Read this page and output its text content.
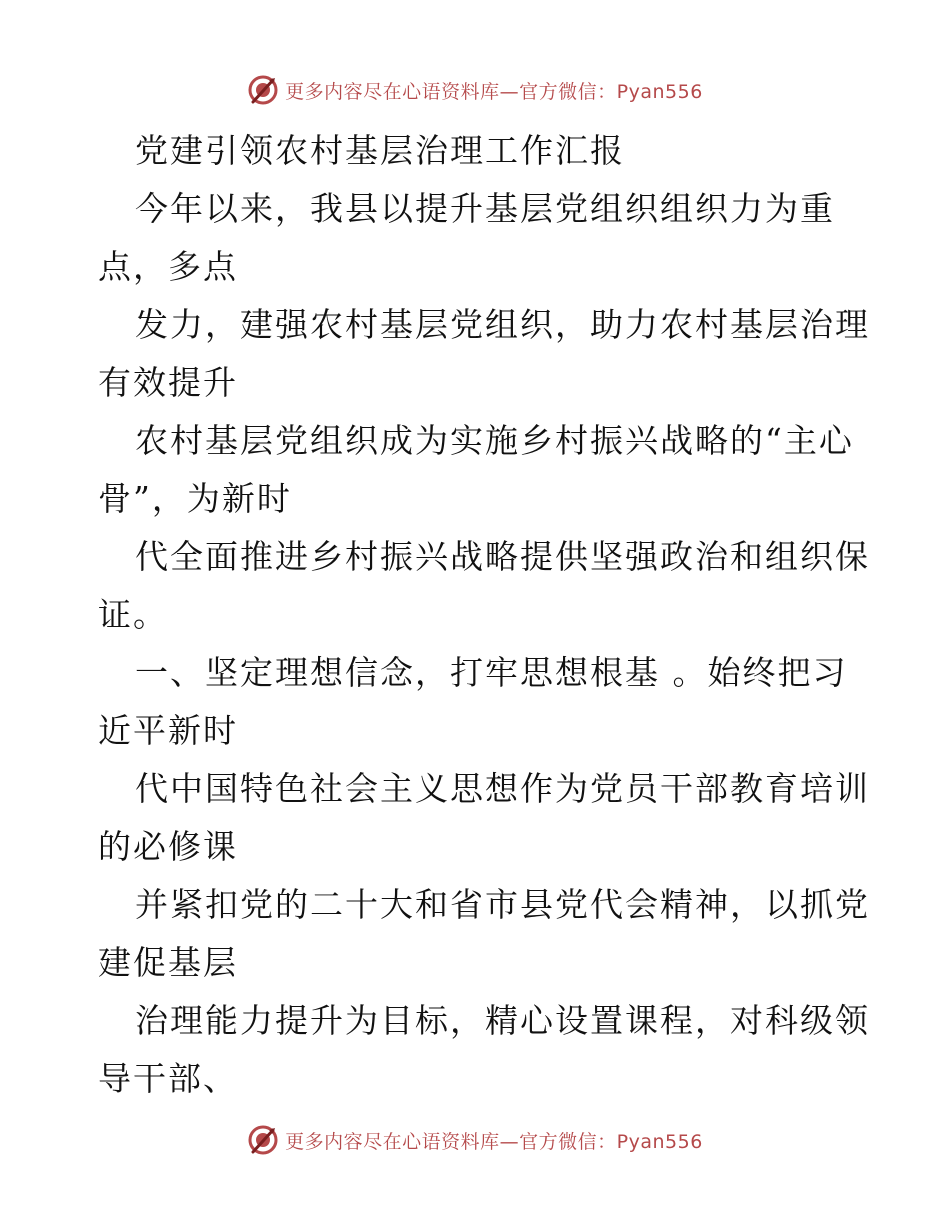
更多内容尽在心语资料库—官方微信：Pyan556
党建引领农村基层治理工作汇报
今年以来，我县以提升基层党组织组织力为重
点，多点
发力，建强农村基层党组织，助力农村基层治理
有效提升
农村基层党组织成为实施乡村振兴战略的“主心
骨”，为新时
代全面推进乡村振兴战略提供坚强政治和组织保
证。
一、坚定理想信念，打牢思想根基 。始终把习
近平新时
代中国特色社会主义思想作为党员干部教育培训
的必修课
并紧扣党的二十大和省市县党代会精神，以抓党
建促基层
治理能力提升为目标，精心设置课程，对科级领
导干部、
更多内容尽在心语资料库—官方微信：Pyan556
